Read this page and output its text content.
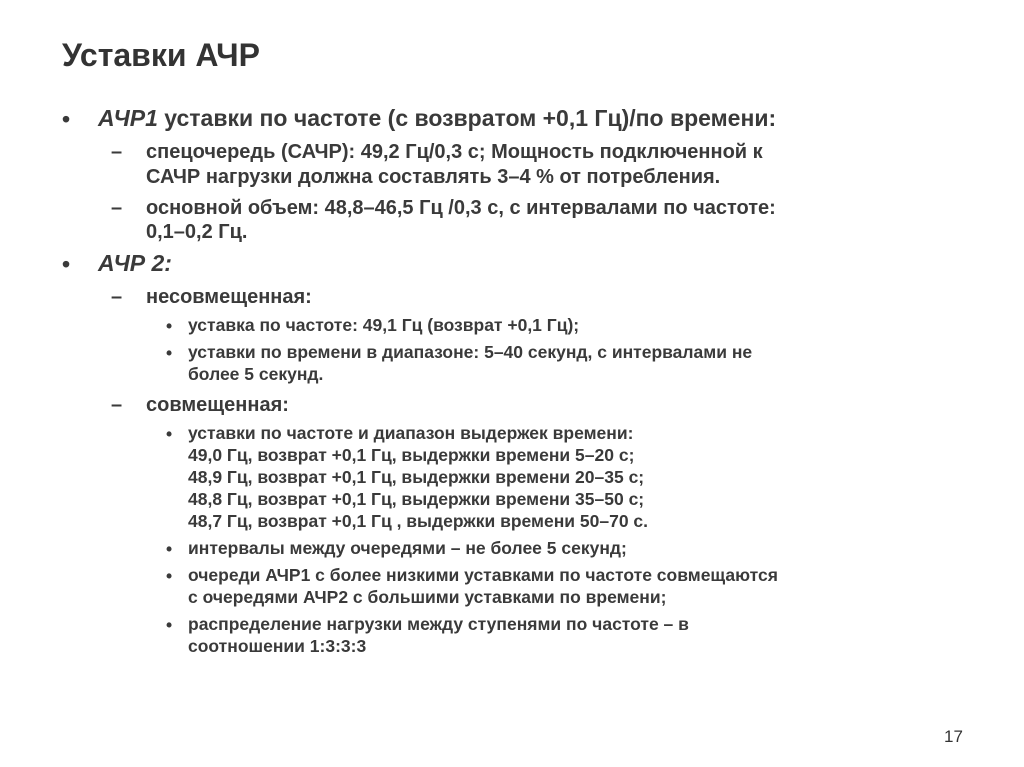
Уставки АЧР
• АЧР1 уставки по частоте (с возвратом +0,1 Гц)/по времени:
– спецочередь (САЧР): 49,2 Гц/0,3 с; Мощность подключенной к
САЧР нагрузки должна составлять 3–4 % от потребления.
– основной объем: 48,8–46,5 Гц /0,3 с, с интервалами по частоте:
0,1–0,2 Гц.
• АЧР 2:
– несовмещенная:
• уставка по частоте: 49,1 Гц (возврат +0,1 Гц);
• уставки по времени в диапазоне: 5–40 секунд, с интервалами не
более 5 секунд.
– совмещенная:
• уставки по частоте и диапазон выдержек времени:
49,0 Гц, возврат +0,1 Гц, выдержки времени 5–20 с;
48,9 Гц, возврат +0,1 Гц, выдержки времени 20–35 с;
48,8 Гц, возврат +0,1 Гц, выдержки времени 35–50 с;
48,7 Гц, возврат +0,1 Гц , выдержки времени 50–70 с.
• интервалы между очередями – не более 5 секунд;
• очереди АЧР1 с более низкими уставками по частоте совмещаются
с очередями АЧР2 с большими уставками по времени;
• распределение нагрузки между ступенями по частоте – в
соотношении 1:3:3:3
17
